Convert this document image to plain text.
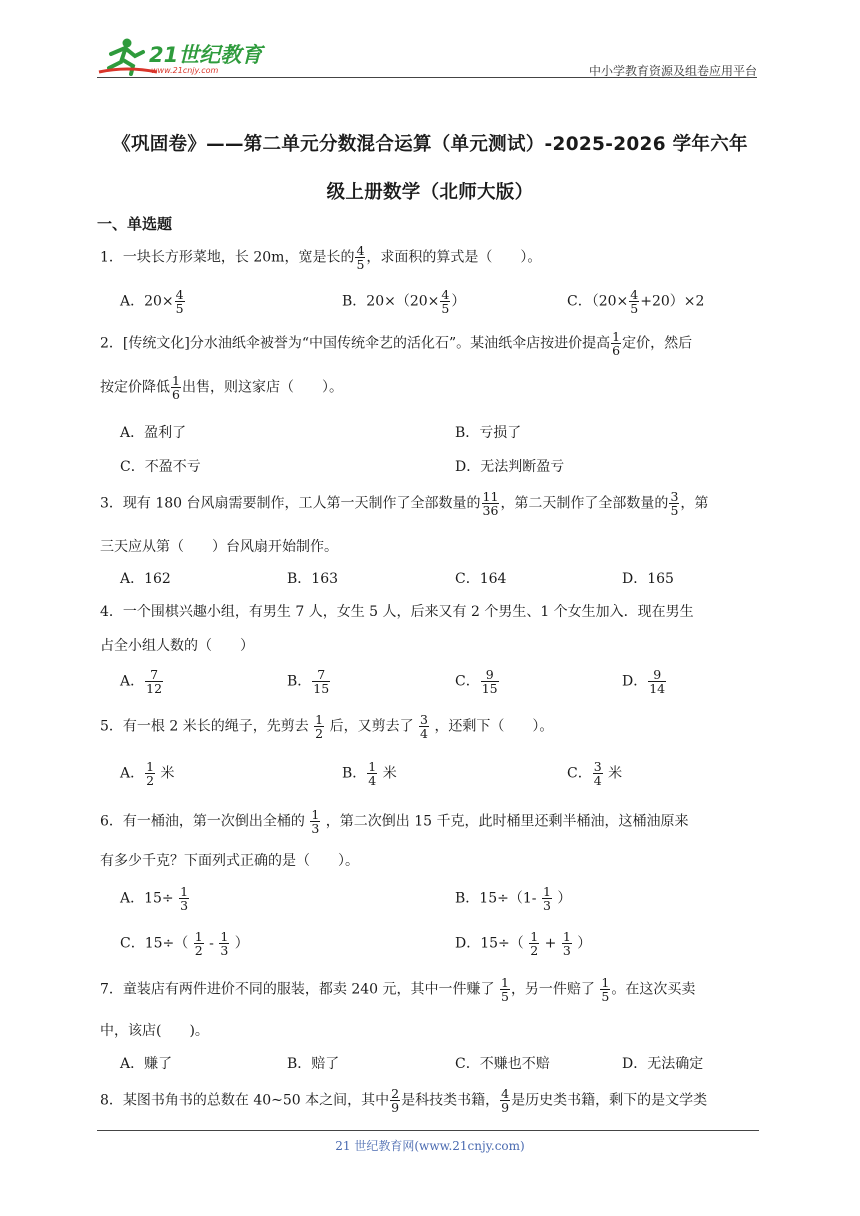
21世纪教育
www.21cnjy.com	中小学教育资源及组卷应用平台
《巩固卷》——第二单元分数混合运算（单元测试）-2025-2026 学年六年
级上册数学（北师大版）
一、单选题
1．一块长方形菜地，长 20m，宽是长的 $\frac{4}{5}$ ，求面积的算式是（　　）。
A．$20\times \frac{4}{5}$	B．$20\times(20\times \frac{4}{5}$ ）	C．$(20\times \frac{4}{5} +20)\times 2$
2．[传统文化]分水油纸伞被誉为“中国传统伞艺的活化石”。某油纸伞店按进价提高 $\frac{1}{6}$ 定价，然后
按定价降低 $\frac{1}{6}$ 出售，则这家店（　　）。
A．盈利了	B．亏损了
C．不盈不亏	D．无法判断盈亏
3．现有 180 台风扇需要制作，工人第一天制作了全部数量的 $\frac{11}{36}$ ，第二天制作了全部数量的 $\frac{3}{5}$ ，第
三天应从第（　　）台风扇开始制作。
A．162	B．163	C．164	D．165
4．一个围棋兴趣小组，有男生 7 人，女生 5 人，后来又有 2 个男生、1 个女生加入．现在男生
占全小组人数的（　　）
A． $\frac{7}{12}$	B． $\frac{7}{15}$	C． $\frac{9}{15}$	D． $\frac{9}{14}$
5．有一根 2 米长的绳子，先剪去 $\frac{1}{2}$ 后，又剪去了 $\frac{3}{4}$ ，还剩下（　　）。
A． $\frac{1}{2}$ 米	B． $\frac{1}{4}$ 米	C． $\frac{3}{4}$ 米
6．有一桶油，第一次倒出全桶的 $\frac{1}{3}$ ，第二次倒出 15 千克，此时桶里还剩半桶油，这桶油原来
有多少千克？下面列式正确的是（　　）。
A．$15\div \frac{1}{3}$	B．$15\div(1- \frac{1}{3}$ ）
C．$15\div( \frac{1}{2} - \frac{1}{3}$ ）	D．$15\div( \frac{1}{2} + \frac{1}{3}$ ）
7．童装店有两件进价不同的服装，都卖 240 元，其中一件赚了 $\frac{1}{5}$ ，另一件赔了 $\frac{1}{5}$ 。在这次买卖
中，该店(　　)。
A．赚了	B．赔了	C．不赚也不赔	D．无法确定
8．某图书角书的总数在 40~50 本之间，其中 $\frac{2}{9}$ 是科技类书籍， $\frac{4}{9}$ 是历史类书籍，剩下的是文学类
21 世纪教育网(www.21cnjy.com)
